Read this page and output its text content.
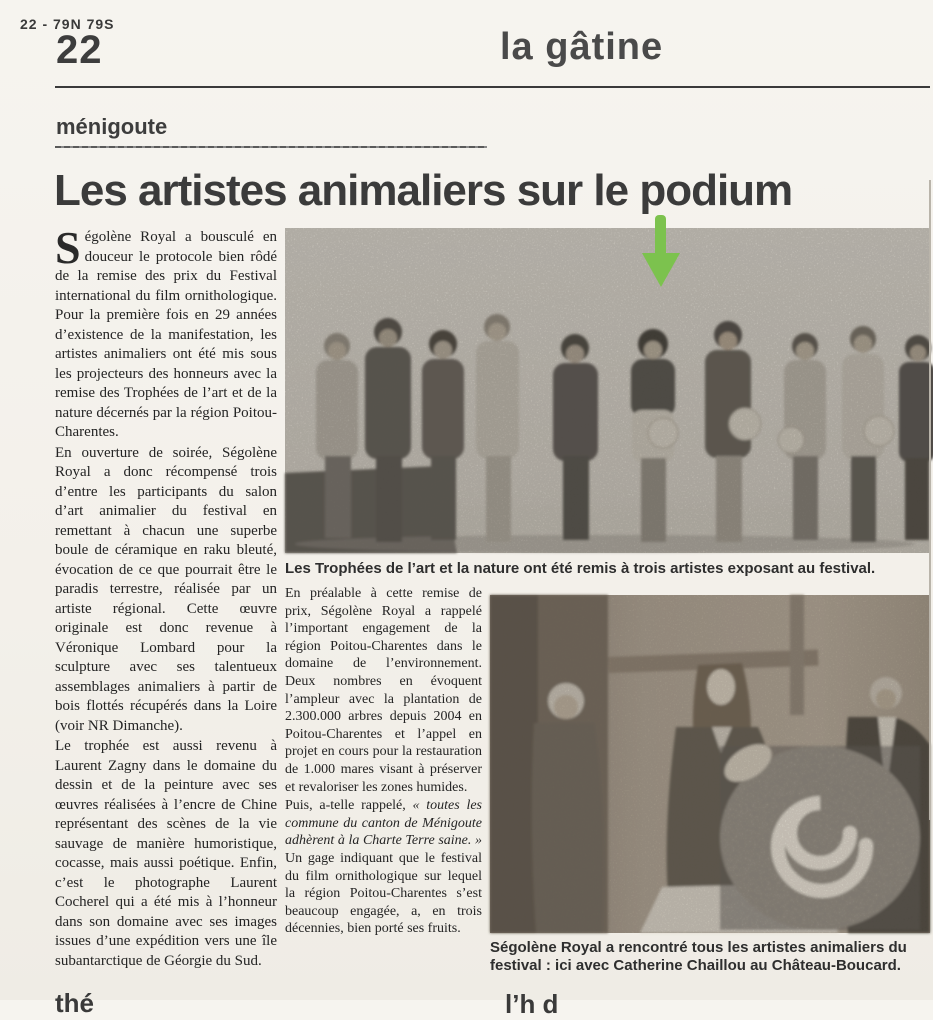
22 - 79N 79S
22	la gâtine
ménigoute
Les artistes animaliers sur le podium

Ségolène Royal a bousculé en douceur le protocole bien rôdé de la remise des prix du Festival international du film ornithologique. Pour la première fois en 29 années d’existence de la manifestation, les artistes animaliers ont été mis sous les projecteurs des honneurs avec la remise des Trophées de l’art et de la nature décernés par la région Poitou-Charentes.

En ouverture de soirée, Ségolène Royal a donc récompensé trois d’entre les participants du salon d’art animalier du festival en remettant à chacun une superbe boule de céramique en raku bleuté, évocation de ce que pourrait être le paradis terrestre, réalisée par un artiste régional. Cette œuvre originale est donc revenue à Véronique Lombard pour la sculpture avec ses talentueux assemblages animaliers à partir de bois flottés récupérés dans la Loire (voir NR Dimanche).

Le trophée est aussi revenu à Laurent Zagny dans le domaine du dessin et de la peinture avec ses œuvres réalisées à l’encre de Chine représentant des scènes de la vie sauvage de manière humoristique, cocasse, mais aussi poétique. Enfin, c’est le photographe Laurent Cocherel qui a été mis à l’honneur dans son domaine avec ses images issues d’une expédition vers une île subantarctique de Géorgie du Sud.

Les Trophées de l’art et la nature ont été remis à trois artistes exposant au festival.

En préalable à cette remise de prix, Ségolène Royal a rappelé l’important engagement de la région Poitou-Charentes dans le domaine de l’environnement. Deux nombres en évoquent l’ampleur avec la plantation de 2.300.000 arbres depuis 2004 en Poitou-Charentes et l’appel en projet en cours pour la restauration de 1.000 mares visant à préserver et revaloriser les zones humides.

Puis, a-telle rappelé, « toutes les commune du canton de Ménigoute adhèrent à la Charte Terre saine. » Un gage indiquant que le festival du film ornithologique sur lequel la région Poitou-Charentes s’est beaucoup engagée, a, en trois décennies, bien porté ses fruits.

Ségolène Royal a rencontré tous les artistes animaliers du festival : ici avec Catherine Chaillou au Château-Boucard.
thé	l’h d
